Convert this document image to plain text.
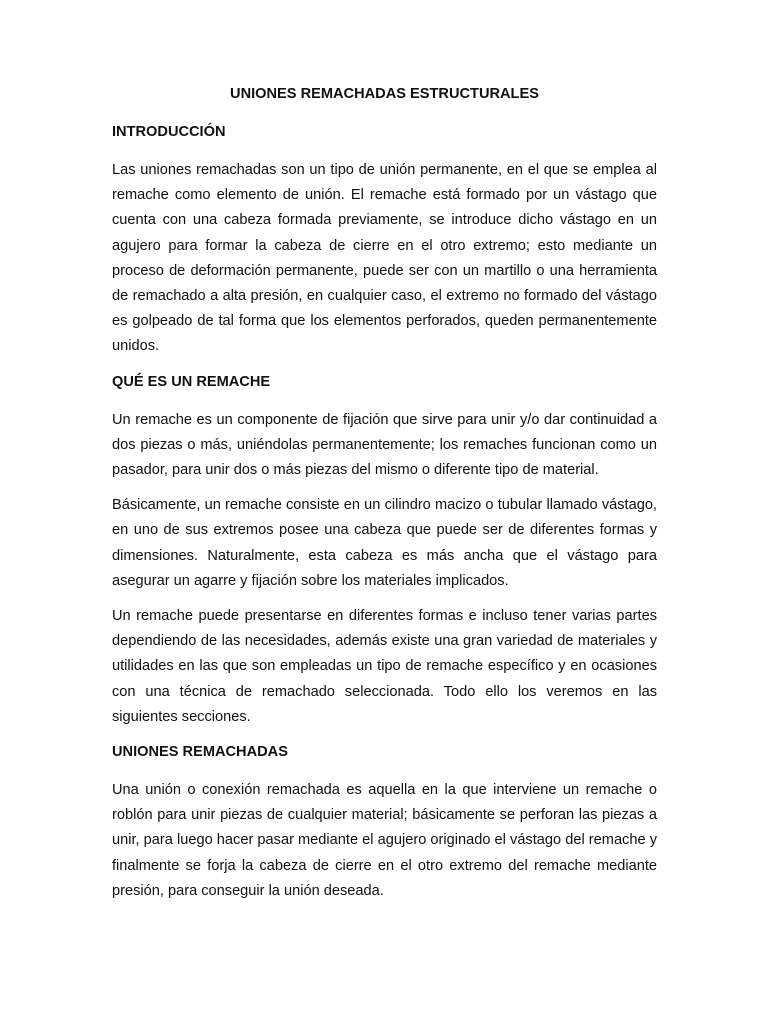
UNIONES REMACHADAS ESTRUCTURALES
INTRODUCCIÓN

Las uniones remachadas son un tipo de unión permanente, en el que se emplea al remache como elemento de unión. El remache está formado por un vástago que cuenta con una cabeza formada previamente, se introduce dicho vástago en un agujero para formar la cabeza de cierre en el otro extremo; esto mediante un proceso de deformación permanente, puede ser con un martillo o una herramienta de remachado a alta presión, en cualquier caso, el extremo no formado del vástago es golpeado de tal forma que los elementos perforados, queden permanentemente unidos.

QUÉ ES UN REMACHE

Un remache es un componente de fijación que sirve para unir y/o dar continuidad a dos piezas o más, uniéndolas permanentemente; los remaches funcionan como un pasador, para unir dos o más piezas del mismo o diferente tipo de material.

Básicamente, un remache consiste en un cilindro macizo o tubular llamado vástago, en uno de sus extremos posee una cabeza que puede ser de diferentes formas y dimensiones. Naturalmente, esta cabeza es más ancha que el vástago para asegurar un agarre y fijación sobre los materiales implicados.

Un remache puede presentarse en diferentes formas e incluso tener varias partes dependiendo de las necesidades, además existe una gran variedad de materiales y utilidades en las que son empleadas un tipo de remache específico y en ocasiones con una técnica de remachado seleccionada. Todo ello los veremos en las siguientes secciones.

UNIONES REMACHADAS

Una unión o conexión remachada es aquella en la que interviene un remache o roblón para unir piezas de cualquier material; básicamente se perforan las piezas a unir, para luego hacer pasar mediante el agujero originado el vástago del remache y finalmente se forja la cabeza de cierre en el otro extremo del remache mediante presión, para conseguir la unión deseada.
